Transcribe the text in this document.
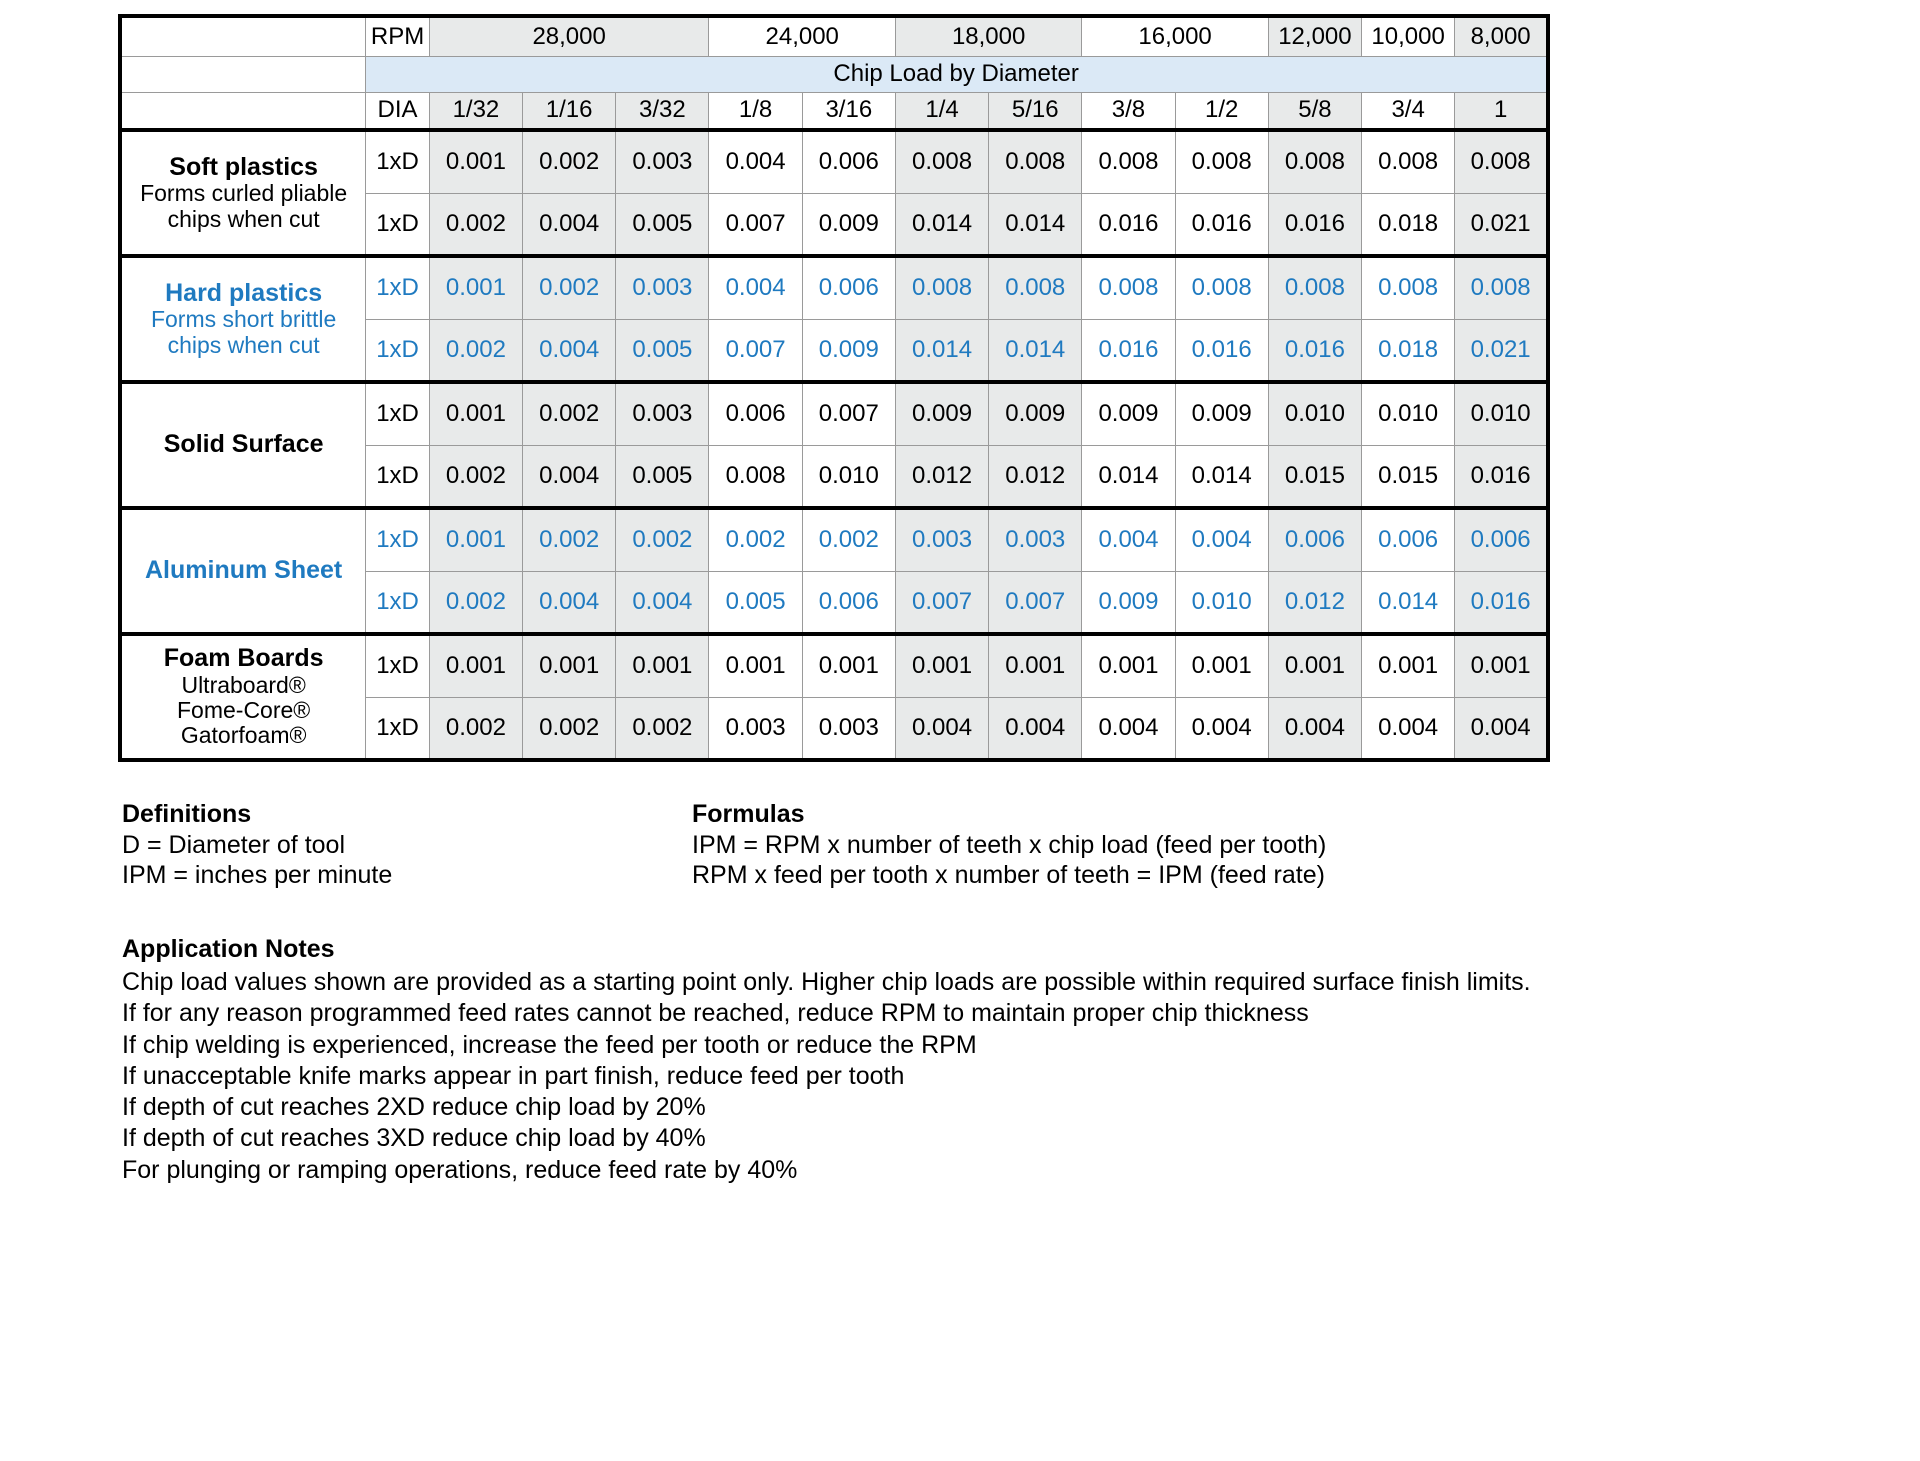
	RPM	28,000			24,000		18,000		16,000		12,000	10,000	8,000
	Chip Load by Diameter												
	DIA	1/32	1/16	3/32	1/8	3/16	1/4	5/16	3/8	1/2	5/8	3/4	1

Soft plastics
Forms curled pliable
chips when cut	1xD	0.001	0.002	0.003	0.004	0.006	0.008	0.008	0.008	0.008	0.008	0.008	0.008
	1xD	0.002	0.004	0.005	0.007	0.009	0.014	0.014	0.016	0.016	0.016	0.018	0.021

Hard plastics
Forms short brittle
chips when cut	1xD	0.001	0.002	0.003	0.004	0.006	0.008	0.008	0.008	0.008	0.008	0.008	0.008
	1xD	0.002	0.004	0.005	0.007	0.009	0.014	0.014	0.016	0.016	0.016	0.018	0.021

Solid Surface	1xD	0.001	0.002	0.003	0.006	0.007	0.009	0.009	0.009	0.009	0.010	0.010	0.010
	1xD	0.002	0.004	0.005	0.008	0.010	0.012	0.012	0.014	0.014	0.015	0.015	0.016

Aluminum Sheet	1xD	0.001	0.002	0.002	0.002	0.002	0.003	0.003	0.004	0.004	0.006	0.006	0.006
	1xD	0.002	0.004	0.004	0.005	0.006	0.007	0.007	0.009	0.010	0.012	0.014	0.016

Foam Boards
Ultraboard®
Fome-Core®
Gatorfoam®	1xD	0.001	0.001	0.001	0.001	0.001	0.001	0.001	0.001	0.001	0.001	0.001	0.001
	1xD	0.002	0.002	0.002	0.003	0.003	0.004	0.004	0.004	0.004	0.004	0.004	0.004
Definitions
D = Diameter of tool
IPM = inches per minute
Formulas
IPM = RPM x number of teeth x chip load (feed per tooth)
RPM x feed per tooth x number of teeth = IPM (feed rate)
Application Notes
Chip load values shown are provided as a starting point only. Higher chip loads are possible within required surface finish limits.
If for any reason programmed feed rates cannot be reached, reduce RPM to maintain proper chip thickness
If chip welding is experienced, increase the feed per tooth or reduce the RPM
If unacceptable knife marks appear in part finish, reduce feed per tooth
If depth of cut reaches 2XD reduce chip load by 20%
If depth of cut reaches 3XD reduce chip load by 40%
For plunging or ramping operations, reduce feed rate by 40%
